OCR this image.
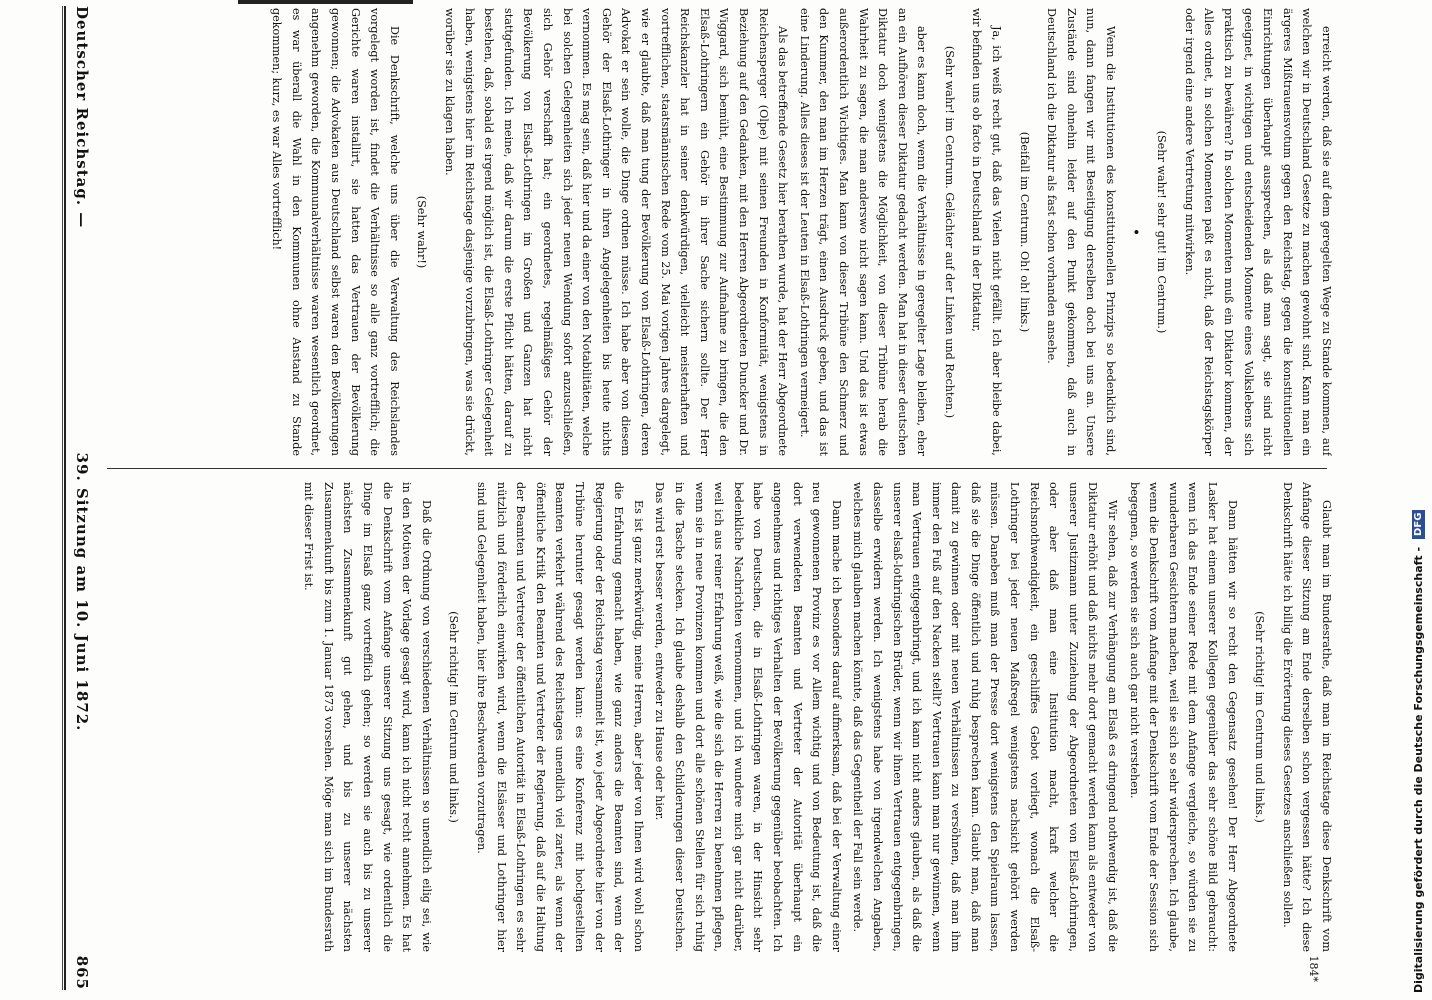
Deutscher Reichstag. —
39. Sitzung am 10. Juni 1872.
865

erreicht werden, daß sie auf dem geregelten Wege zu Stande kommen, auf welchen wir in Deutschland Gesetze zu machen gewohnt sind. Kann man ein ärgeres Mißtrauensvotum gegen den Reichstag, gegen die konstitutionellen Einrichtungen überhaupt aussprechen, als daß man sagt, sie sind nicht geeignet, in wichtigen und entscheidenden Momente eines Volkslebens sich praktisch zu bewähren? In solchen Momenten muß ein Diktator kommen, der Alles ordnet, in solchen Momenten paßt es nicht, daß der Reichstagskörper oder irgend eine andere Vertretung mitwirken.

(Sehr wahr! sehr gut! im Centrum.)

•

Wenn die Institutionen des konstitutionellen Prinzips so bedenklich sind, nun, dann fangen wir mit Beseitigung derselben doch bei uns an. Unsere Zustände sind ohnehin leider auf den Punkt gekommen, daß auch in Deutschland ich die Diktatur als fast schon vorhanden ansehe.

(Beifall im Centrum. Oh! oh! links.)

Ja, ich weiß recht gut, daß das Vielen nicht gefällt. Ich aber bleibe dabei, wir befinden uns ob facto in Deutschland in der Diktatur,

(Sehr wahr! im Centrum. Gelächter auf der Linken und Rechten.)

aber es kann doch, wenn die Verhältnisse in geregelter Lage bleiben, eher an ein Aufhören dieser Diktatur gedacht werden. Man hat in dieser deutschen Diktatur doch wenigstens die Möglichkeit, von dieser Tribüne herab die Wahrheit zu sagen, die man anderswo nicht sagen kann. Und das ist etwas außerordentlich Wichtiges. Man kann von dieser Tribüne den Schmerz und den Kummer, den man im Herzen trägt, einen Ausdruck geben, und das ist eine Linderung. Alles dieses ist der Leuten in Elsaß-Lothringen vermeigert.

Als das betreffende Gesetz hier berathen wurde, hat der Herr Abgeordnete Reichensperger (Olpe) mit seinen Freunden in Konformität, wenigstens in Beziehung auf den Gedanken, mit den Herren Abgeordneten Duncker und Dr. Wiggard, sich bemüht, eine Bestimmung zur Aufnahme zu bringen, die den Elsaß-Lothringern ein Gehör in ihrer Sache sichern sollte. Der Herr Reichskanzler hat in seiner denkwürdigen, vielleicht meisterhaften und vortrefflichen, staatsmännischen Rede vom 25. Mai vorigen Jahres dargelegt, wie er glaubte, daß man tung der Bevölkerung von Elsaß-Lothringen, deren Advokat er sein wolle, die Dinge ordnen müsse. Ich habe aber von diesem Gehör der Elsaß-Lothringer in ihren Angelegenheiten bis heute nichts vernommen. Es mag sein, daß hier und da einer von den Notabilitäten, welche bei solchen Gelegenheiten sich jeder neuen Wendung sofort anzuschließen, sich Gehör verschafft hat; ein geordnetes, regelmäßiges Gehör der Bevölkerung von Elsaß-Lothringen im Großen und Ganzen hat nicht stattgefunden. Ich meine, daß wir darum die erste Pflicht hätten, darauf zu bestehen, daß, sobald es irgend möglich ist, die Elsaß-Lothringer Gelegenheit haben, wenigstens hier im Reichstage dasjenige vorzubringen, was sie drückt, worüber sie zu klagen haben.

(Sehr wahr!)

Die Denkschrift, welche uns über die Verwaltung des Reichslandes vorgelegt worden ist, findet die Verhältnisse so alle ganz vortrefflich; die Gerichte waren installirt, sie hatten das Vertrauen der Bevölkerung gewonnen; die Advokaten aus Deutschland selbst waren den Bevölkerungen angenehm geworden, die Kommunalverhältnisse waren wesentlich geordnet, es war überall die Wahl in den Kommunen ohne Anstand zu Stande gekommen; kurz, es war Alles vortrefflich!

Glaubt man im Bundesrathe, daß man im Reichstage diese Denkschrift vom Anfange dieser Sitzung am Ende derselben schon vergessen hätte? Ich diese Denkschrift hätte ich billig die Erörterung dieses Gesetzes anschließen sollen.

(Sehr richtig! im Centrum und links.)

Dann hätten wir so recht den Gegensatz gesehen! Der Herr Abgeordnete Lasker hat einem unserer Kollegen gegenüber das sehr schöne Bild gebraucht: wenn ich das Ende seiner Rede mit dem Anfange vergleiche, so würden sie zu wunderbaren Gesichtern machen, weil sie sich so sehr widersprechen. Ich glaube, wenn die Denkschrift vom Anfange mit der Denkschrift vom Ende der Session sich begegnen, so werden sie sich auch gar nicht verstehen.

Wir sehen, daß zur Verhängung am Elsaß es dringend nothwendig ist, daß die Diktatur erhöht und daß nichts mehr dort gemacht werden kann als entweder von unserer Justizmann unter Zuziehung der Abgeordneten von Elsaß-Lothringen, oder aber daß man eine Institution macht, kraft welcher die Reichsnothwendigkeit, ein geschliffes Gebot vorliegt, wonach die Elsaß-Lothringer bei jeder neuen Maßregel wenigstens nachsicht gehört werden müssen. Daneben muß man der Presse dort wenigstens den Spielraum lassen, daß sie die Dinge öffentlich und ruhig besprechen kann. Glaubt man, daß man damit zu gewinnen oder mit neuen Verhältnissen zu versöhnen, daß man ihm immer den Fuß auf den Nacken stellt? Vertrauen kann man nur gewinnen, wenn man Vertrauen entgegenbringt, und ich kann nicht anders glauben, als daß die unserer elsaß-lothringischen Brüder, wenn wir ihnen Vertrauen entgegenbringen, dasselbe erwidern werden. Ich wenigstens habe von irgendwelchen Angaben, welches mich glauben machen könnte, daß das Gegentheil der Fall sein werde.

Dann mache ich besonders darauf aufmerksam, daß bei der Verwaltung einer neu gewonnenen Provinz es vor Allem wichtig und von Bedeutung ist, daß die dort verwendeten Beamten und Vertreter der Autorität überhaupt ein angenehmes und richtiges Verhalten der Bevölkerung gegenüber beobachten. Ich habe von Deutschen, die in Elsaß-Lothringen waren, in der Hinsicht sehr bedenkliche Nachrichten vernommen, und ich wundere mich gar nicht darüber, weil ich aus reiner Erfahrung weiß, wie die sich die Herren zu benehmen pflegen, wenn sie in neue Provinzen kommen und dort alle schönen Stellen für sich ruhig in die Tasche stecken. Ich glaube deshalb den Schilderungen dieser Deutschen. Das wird erst besser werden, entweder zu Hause oder hier.

Es ist ganz merkwürdig, meine Herren, aber jeder von Ihnen wird wohl schon die Erfahrung gemacht haben, wie ganz anders die Beamten sind, wenn der Regierung oder der Reichstag versammelt ist, wo jeder Abgeordnete hier von der Tribüne herunter gesagt werden kann: es eine Konferenz mit hochgestellten Beamten verkehrt während des Reichstages unendlich viel zarter, als wenn der öffentliche Kritik den Beamten und Vertreter der Regierung, daß auf die Haltung der Beamten und Vertreter der öffentlichen Autorität in Elsaß-Lothringen es sehr nützlich und förderlich einwirken wird, wenn die Elsässer und Lothringer hier sind und Gelegenheit haben, hier ihre Beschwerden vorzutragen.

(Sehr richtig! im Centrum und links.)

Daß die Ordnung von verschiedenen Verhältnissen so unendlich eilig sei, wie in den Motiven der Vorlage gesagt wird, kann ich nicht recht annehmen. Es hat die Denkschrift vom Anfange unserer Sitzung uns gesagt, wie ordentlich die Dinge im Elsaß ganz vortrefflich gehen; so werden sie auch bis zu unserer nächsten Zusammenkunft gut gehen, und bis zu unserer nächsten Zusammenkunft bis zum 1. Januar 1873 vorsehen. Möge man sich im Bundesrath mit dieser Frist ist.

184*	Digitalisierung gefördert durch die Deutsche Forschungsgemeinschaft -
DFG
